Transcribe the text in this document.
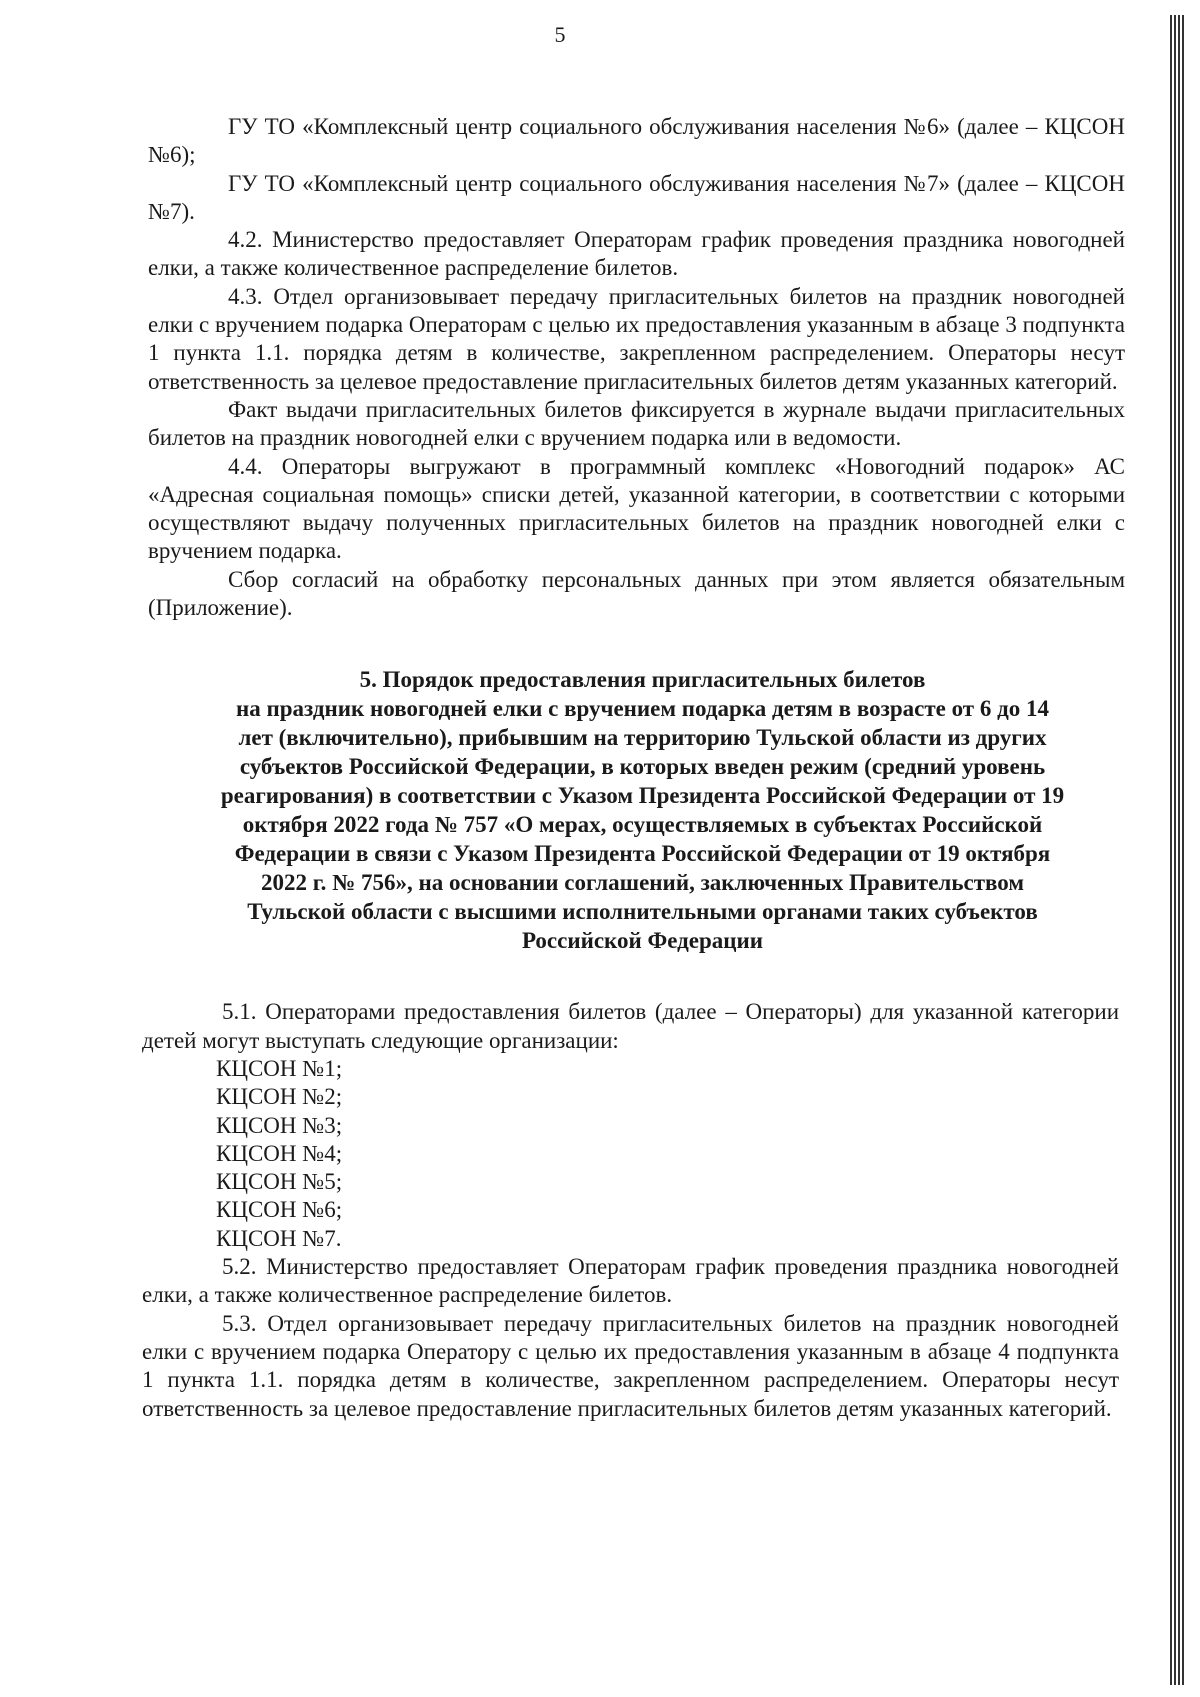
5

ГУ ТО «Комплексный центр социального обслуживания населения №6» (далее – КЦСОН №6);

ГУ ТО «Комплексный центр социального обслуживания населения №7» (далее – КЦСОН №7).

4.2. Министерство предоставляет Операторам график проведения праздника новогодней елки, а также количественное распределение билетов.

4.3. Отдел организовывает передачу пригласительных билетов на праздник новогодней елки с вручением подарка Операторам с целью их предоставления указанным в абзаце 3 подпункта 1 пункта 1.1. порядка детям в количестве, закрепленном распределением. Операторы несут ответственность за целевое предоставление пригласительных билетов детям указанных категорий.

Факт выдачи пригласительных билетов фиксируется в журнале выдачи пригласительных билетов на праздник новогодней елки с вручением подарка или в ведомости.

4.4. Операторы выгружают в программный комплекс «Новогодний подарок» АС «Адресная социальная помощь» списки детей, указанной категории, в соответствии с которыми осуществляют выдачу полученных пригласительных билетов на праздник новогодней елки с вручением подарка.

Сбор согласий на обработку персональных данных при этом является обязательным (Приложение).

5. Порядок предоставления пригласительных билетов
на праздник новогодней елки с вручением подарка детям в возрасте от 6 до 14
лет (включительно), прибывшим на территорию Тульской области из других
субъектов Российской Федерации, в которых введен режим (средний уровень
реагирования) в соответствии с Указом Президента Российской Федерации от 19
октября 2022 года № 757 «О мерах, осуществляемых в субъектах Российской
Федерации в связи с Указом Президента Российской Федерации от 19 октября
2022 г. № 756», на основании соглашений, заключенных Правительством
Тульской области с высшими исполнительными органами таких субъектов
Российской Федерации

5.1. Операторами предоставления билетов (далее – Операторы) для указанной категории детей могут выступать следующие организации:

КЦСОН №1;
КЦСОН №2;
КЦСОН №3;
КЦСОН №4;
КЦСОН №5;
КЦСОН №6;
КЦСОН №7.

5.2. Министерство предоставляет Операторам график проведения праздника новогодней елки, а также количественное распределение билетов.

5.3. Отдел организовывает передачу пригласительных билетов на праздник новогодней елки с вручением подарка Оператору с целью их предоставления указанным в абзаце 4 подпункта 1 пункта 1.1. порядка детям в количестве, закрепленном распределением. Операторы несут ответственность за целевое предоставление пригласительных билетов детям указанных категорий.
